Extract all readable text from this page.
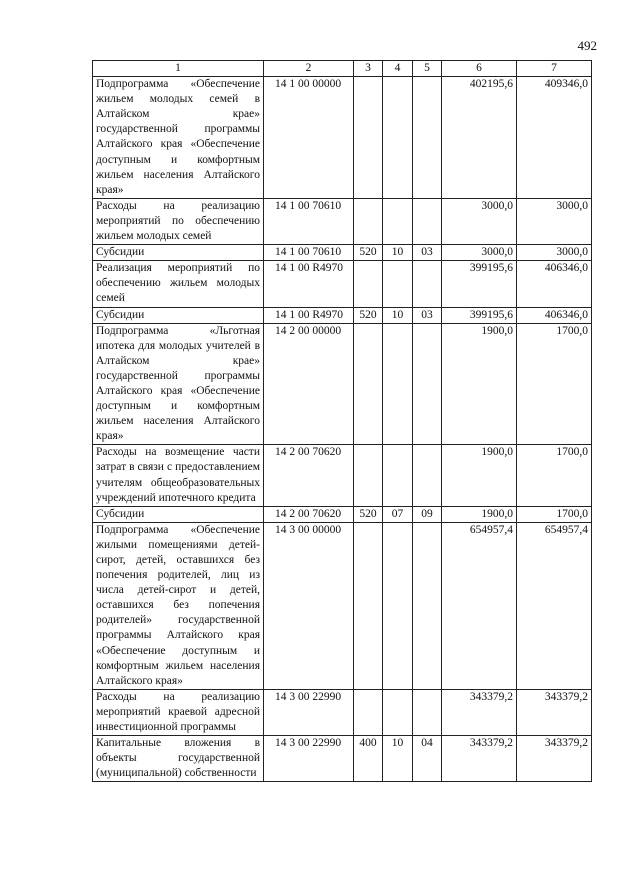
492
1	2	3	4	5	6	7
Подпрограмма «Обеспечение жильем молодых семей в Алтайском крае» государственной программы Алтайского края «Обеспечение доступным и комфортным жильем населения Алтайского края»	14 1 00 00000				402195,6	409346,0
Расходы на реализацию мероприятий по обеспечению жильем молодых семей	14 1 00 70610				3000,0	3000,0
Субсидии	14 1 00 70610	520	10	03	3000,0	3000,0
Реализация мероприятий по обеспечению жильем молодых семей	14 1 00 R4970				399195,6	406346,0
Субсидии	14 1 00 R4970	520	10	03	399195,6	406346,0
Подпрограмма «Льготная ипотека для молодых учителей в Алтайском крае» государственной программы Алтайского края «Обеспечение доступным и комфортным жильем населения Алтайского края»	14 2 00 00000				1900,0	1700,0
Расходы на возмещение части затрат в связи с предоставлением учителям общеобразовательных учреждений ипотечного кредита	14 2 00 70620				1900,0	1700,0
Субсидии	14 2 00 70620	520	07	09	1900,0	1700,0
Подпрограмма «Обеспечение жилыми помещениями детей-сирот, детей, оставшихся без попечения родителей, лиц из числа детей-сирот и детей, оставшихся без попечения родителей» государственной программы Алтайского края «Обеспечение доступным и комфортным жильем населения Алтайского края»	14 3 00 00000				654957,4	654957,4
Расходы на реализацию мероприятий краевой адресной инвестиционной программы	14 3 00 22990				343379,2	343379,2
Капитальные вложения в объекты государственной (муниципальной) собственности	14 3 00 22990	400	10	04	343379,2	343379,2
